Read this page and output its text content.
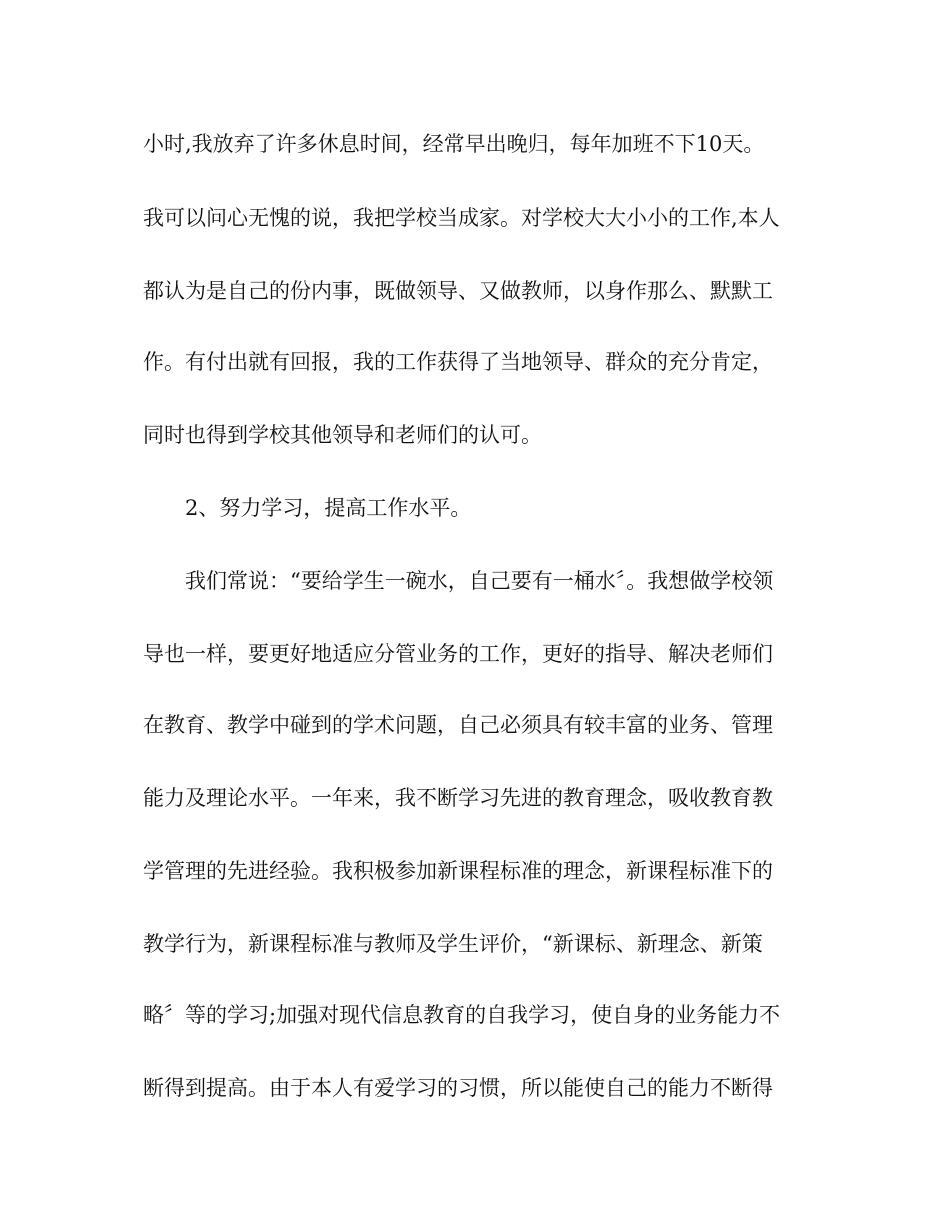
小时,我放弃了许多休息时间，经常早出晚归，每年加班不下10天。
我可以问心无愧的说，我把学校当成家。对学校大大小小的工作,本人
都认为是自己的份内事，既做领导、又做教师，以身作那么、默默工
作。有付出就有回报，我的工作获得了当地领导、群众的充分肯定，
同时也得到学校其他领导和老师们的认可。
2、努力学习，提高工作水平。
我们常说：“要给学生一碗水，自己要有一桶水〞。我想做学校领
导也一样，要更好地适应分管业务的工作，更好的指导、解决老师们
在教育、教学中碰到的学术问题，自己必须具有较丰富的业务、管理
能力及理论水平。一年来，我不断学习先进的教育理念，吸收教育教
学管理的先进经验。我积极参加新课程标准的理念，新课程标准下的
教学行为，新课程标准与教师及学生评价，“新课标、新理念、新策
略〞等的学习;加强对现代信息教育的自我学习，使自身的业务能力不
断得到提高。由于本人有爱学习的习惯，所以能使自己的能力不断得
